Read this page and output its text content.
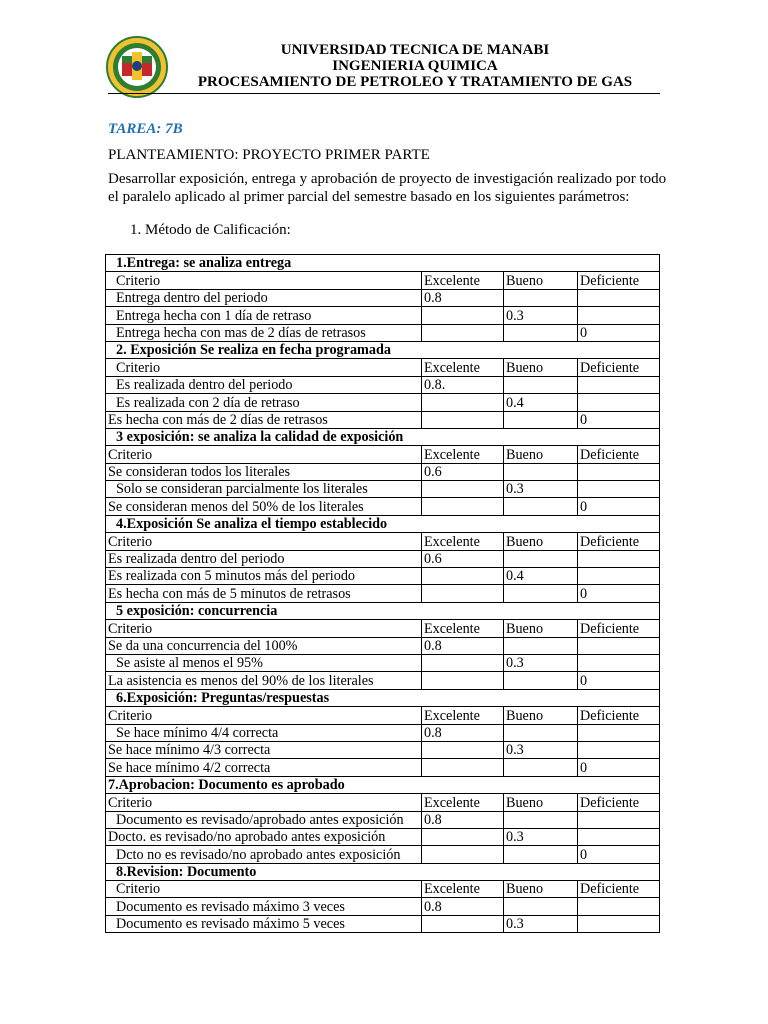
UNIVERSIDAD TECNICA DE MANABI
INGENIERIA QUIMICA
PROCESAMIENTO DE PETROLEO Y TRATAMIENTO DE GAS
TAREA: 7B
PLANTEAMIENTO: PROYECTO PRIMER PARTE
Desarrollar exposición, entrega y aprobación de proyecto de investigación realizado por todo el paralelo aplicado al primer parcial del semestre basado en los siguientes parámetros:
1. Método de Calificación:
1.Entrega: se analiza entrega			
Criterio	Excelente	Bueno	Deficiente
Entrega dentro del periodo	0.8		
Entrega hecha con 1 día de retraso		0.3	
Entrega hecha con mas de 2 días de retrasos			0
2. Exposición Se realiza en fecha programada			
Criterio	Excelente	Bueno	Deficiente
Es realizada dentro del periodo	0.8.		
Es realizada con 2 día de retraso		0.4	
Es hecha con más de 2 días de retrasos			0
3 exposición: se analiza la calidad de exposición			
Criterio	Excelente	Bueno	Deficiente
Se consideran todos los literales	0.6		
Solo se consideran parcialmente los literales		0.3	
Se consideran menos del 50% de los literales			0
4.Exposición Se analiza el tiempo establecido			
Criterio	Excelente	Bueno	Deficiente
Es realizada dentro del periodo	0.6		
Es realizada con 5 minutos más del periodo		0.4	
Es hecha con más de 5 minutos de retrasos			0
5 exposición: concurrencia			
Criterio	Excelente	Bueno	Deficiente
Se da una concurrencia del 100%	0.8		
Se asiste al menos el 95%		0.3	
La asistencia es menos del 90% de los literales			0
6.Exposición: Preguntas/respuestas			
Criterio	Excelente	Bueno	Deficiente
Se hace mínimo 4/4 correcta	0.8		
Se hace mínimo 4/3 correcta		0.3	
Se hace mínimo 4/2 correcta			0
7.Aprobacion: Documento es aprobado			
Criterio	Excelente	Bueno	Deficiente
Documento es revisado/aprobado antes exposición	0.8		
Docto. es revisado/no aprobado antes exposición		0.3	
Dcto no es revisado/no aprobado antes exposición			0
8.Revision: Documento			
Criterio	Excelente	Bueno	Deficiente
Documento es revisado máximo 3 veces	0.8		
Documento es revisado máximo 5 veces		0.3	
